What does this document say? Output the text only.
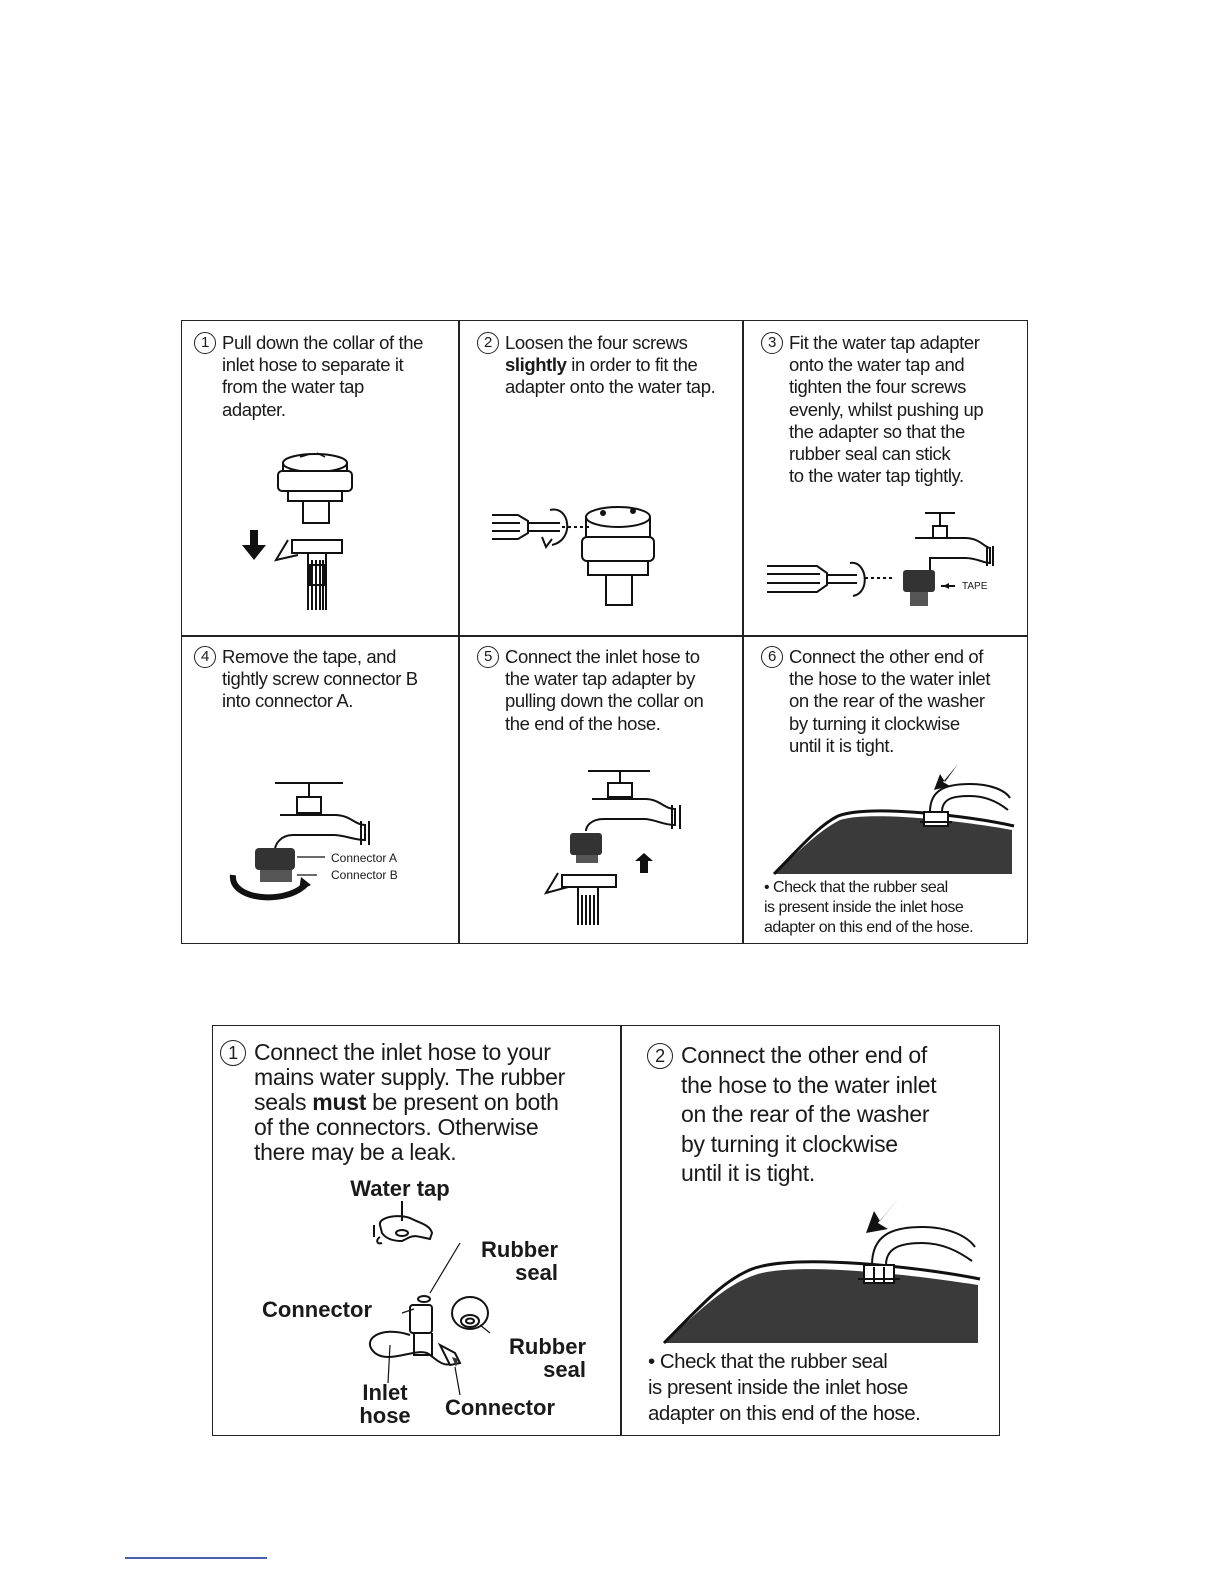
1 Pull down the collar of the
inlet hose to separate it
from the water tap
adapter.
2 Loosen the four screws
slightly in order to fit the
adapter onto the water tap.
3 Fit the water tap adapter
onto the water tap and
tighten the four screws
evenly, whilst pushing up
the adapter so that the
rubber seal can stick
to the water tap tightly.
TAPE
4 Remove the tape, and
tightly screw connector B
into connector A.
Connector A
Connector B
5 Connect the inlet hose to
the water tap adapter by
pulling down the collar on
the end of the hose.
6 Connect the other end of
the hose to the water inlet
on the rear of the washer
by turning it clockwise
until it is tight.
• Check that the rubber seal
is present inside the inlet hose
adapter on this end of the hose.
1 Connect the inlet hose to your
mains water supply. The rubber
seals must be present on both
of the connectors. Otherwise
there may be a leak.
Water tap
Rubber
seal
Connector
Rubber
seal
Inlet
hose	Connector
2 Connect the other end of
the hose to the water inlet
on the rear of the washer
by turning it clockwise
until it is tight.
• Check that the rubber seal
is present inside the inlet hose
adapter on this end of the hose.
